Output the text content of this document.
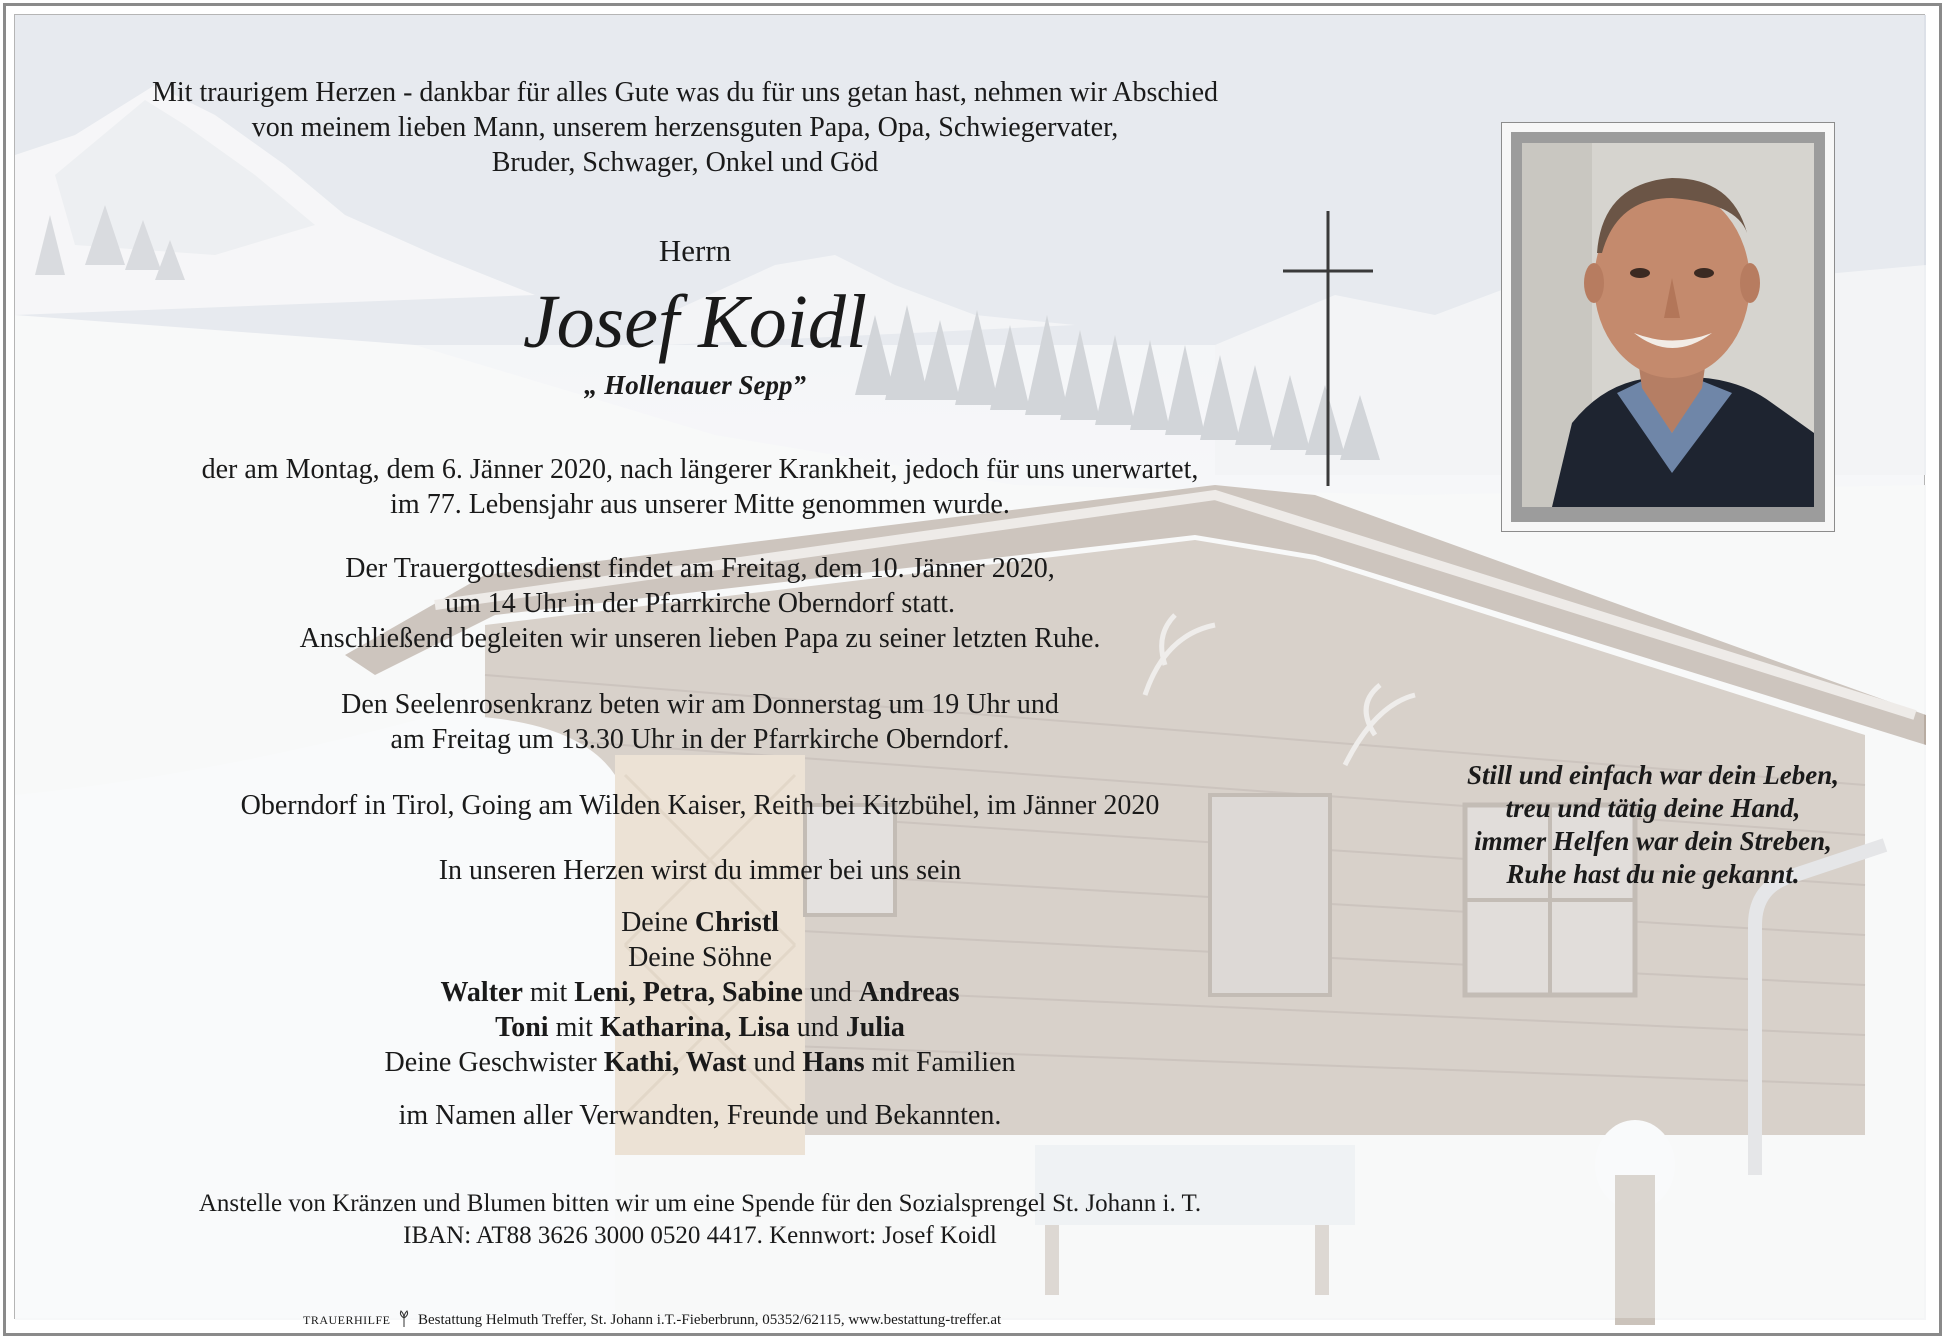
Mit traurigem Herzen - dankbar für alles Gute was du für uns getan hast, nehmen wir Abschied
von meinem lieben Mann, unserem herzensguten Papa, Opa, Schwiegervater,
Bruder, Schwager, Onkel und Göd
Herrn
Josef Koidl
„ Hollenauer Sepp”
der am Montag, dem 6. Jänner 2020, nach längerer Krankheit, jedoch für uns unerwartet,
im 77. Lebensjahr aus unserer Mitte genommen wurde.
Der Trauergottesdienst findet am Freitag, dem 10. Jänner 2020,
um 14 Uhr in der Pfarrkirche Oberndorf statt.
Anschließend begleiten wir unseren lieben Papa zu seiner letzten Ruhe.
Den Seelenrosenkranz beten wir am Donnerstag um 19 Uhr und
am Freitag um 13.30 Uhr in der Pfarrkirche Oberndorf.
Oberndorf in Tirol, Going am Wilden Kaiser, Reith bei Kitzbühel, im Jänner 2020
In unseren Herzen wirst du immer bei uns sein
Deine Christl
Deine Söhne
Walter mit Leni, Petra, Sabine und Andreas
Toni mit Katharina, Lisa und Julia
Deine Geschwister Kathi, Wast und Hans mit Familien
im Namen aller Verwandten, Freunde und Bekannten.
Anstelle von Kränzen und Blumen bitten wir um eine Spende für den Sozialsprengel St. Johann i. T.
IBAN: AT88 3626 3000 0520 4417. Kennwort: Josef Koidl
Still und einfach war dein Leben,
treu und tätig deine Hand,
immer Helfen war dein Streben,
Ruhe hast du nie gekannt.
TRAUERHILFE Bestattung Helmuth Treffer, St. Johann i.T.-Fieberbrunn, 05352/62115, www.bestattung-treffer.at
